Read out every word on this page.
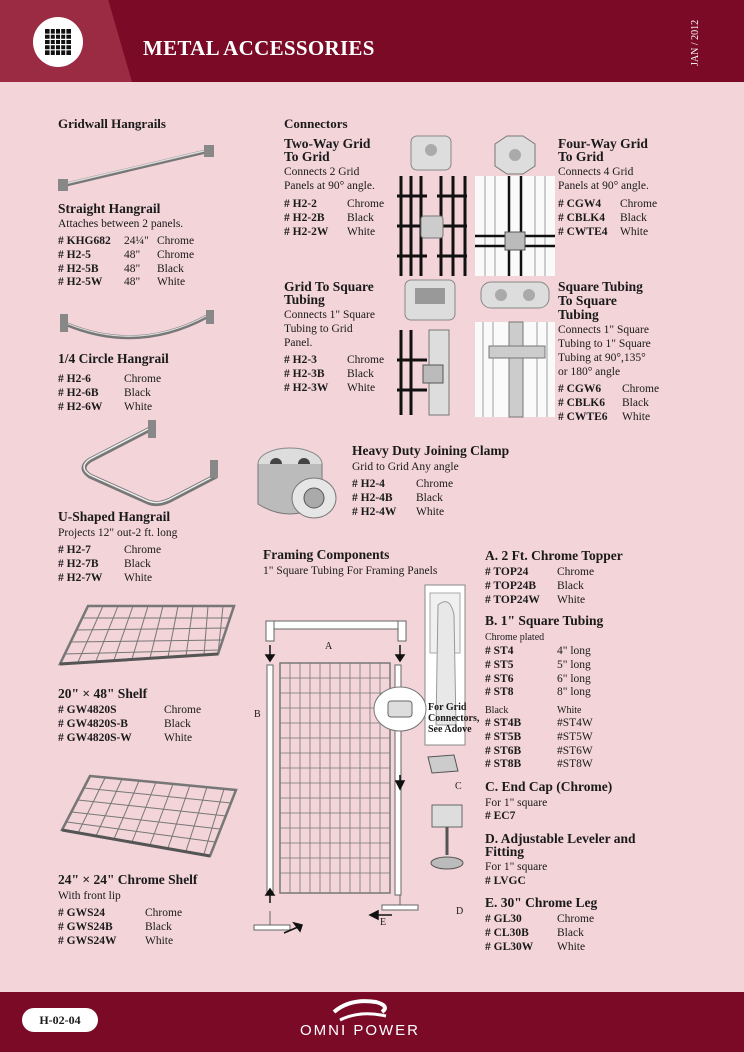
METAL ACCESSORIES	JAN / 2012
Gridwall Hangrails
Straight Hangrail
Attaches between 2 panels.
# KHG682	24¼" Chrome
# H2-5	48"	Chrome
# H2-5B	48"	Black
# H2-5W	48"	White
1/4 Circle Hangrail
# H2-6	Chrome
# H2-6B	Black
# H2-6W	White
U-Shaped Hangrail
Projects 12" out-2 ft. long
# H2-7	Chrome
# H2-7B	Black
# H2-7W	White
20" × 48" Shelf
# GW4820S	Chrome
# GW4820S-B	Black
# GW4820S-W	White
24" × 24" Chrome Shelf
With front lip
# GWS24	Chrome
# GWS24B	Black
# GWS24W	White
Connectors
Two-Way Grid
To Grid
Connects 2 Grid
Panels at 90° angle.
# H2-2	Chrome
# H2-2B	Black
# H2-2W	White
Four-Way Grid
To Grid
Connects 4 Grid
Panels at 90° angle.
# CGW4	Chrome
# CBLK4	Black
# CWTE4	White
Grid To Square
Tubing
Connects 1" Square
Tubing to Grid
Panel.
# H2-3	Chrome
# H2-3B	Black
# H2-3W	White
Square Tubing
To Square
Tubing
Connects 1" Square
Tubing to 1" Square
Tubing at 90°,135°
or 180° angle
# CGW6	Chrome
# CBLK6	Black
# CWTE6	White
Heavy Duty Joining Clamp
Grid to Grid Any angle
# H2-4	Chrome
# H2-4B	Black
# H2-4W	White
Framing Components
1" Square Tubing For Framing Panels
A
B
C
D
E
For Grid
Connectors,
See Adove
A. 2 Ft. Chrome Topper
# TOP24	Chrome
# TOP24B	Black
# TOP24W	White
B. 1" Square Tubing
Chrome plated
# ST4	4" long
# ST5	5" long
# ST6	6" long
# ST8	8" long
Black	White
# ST4B	#ST4W
# ST5B	#ST5W
# ST6B	#ST6W
# ST8B	#ST8W
C. End Cap (Chrome)
For 1" square
# EC7
D. Adjustable Leveler and
Fitting
For 1" square
# LVGC
E. 30" Chrome Leg
# GL30	Chrome
# CL30B	Black
# GL30W	White
H-02-04
OMNI POWER
